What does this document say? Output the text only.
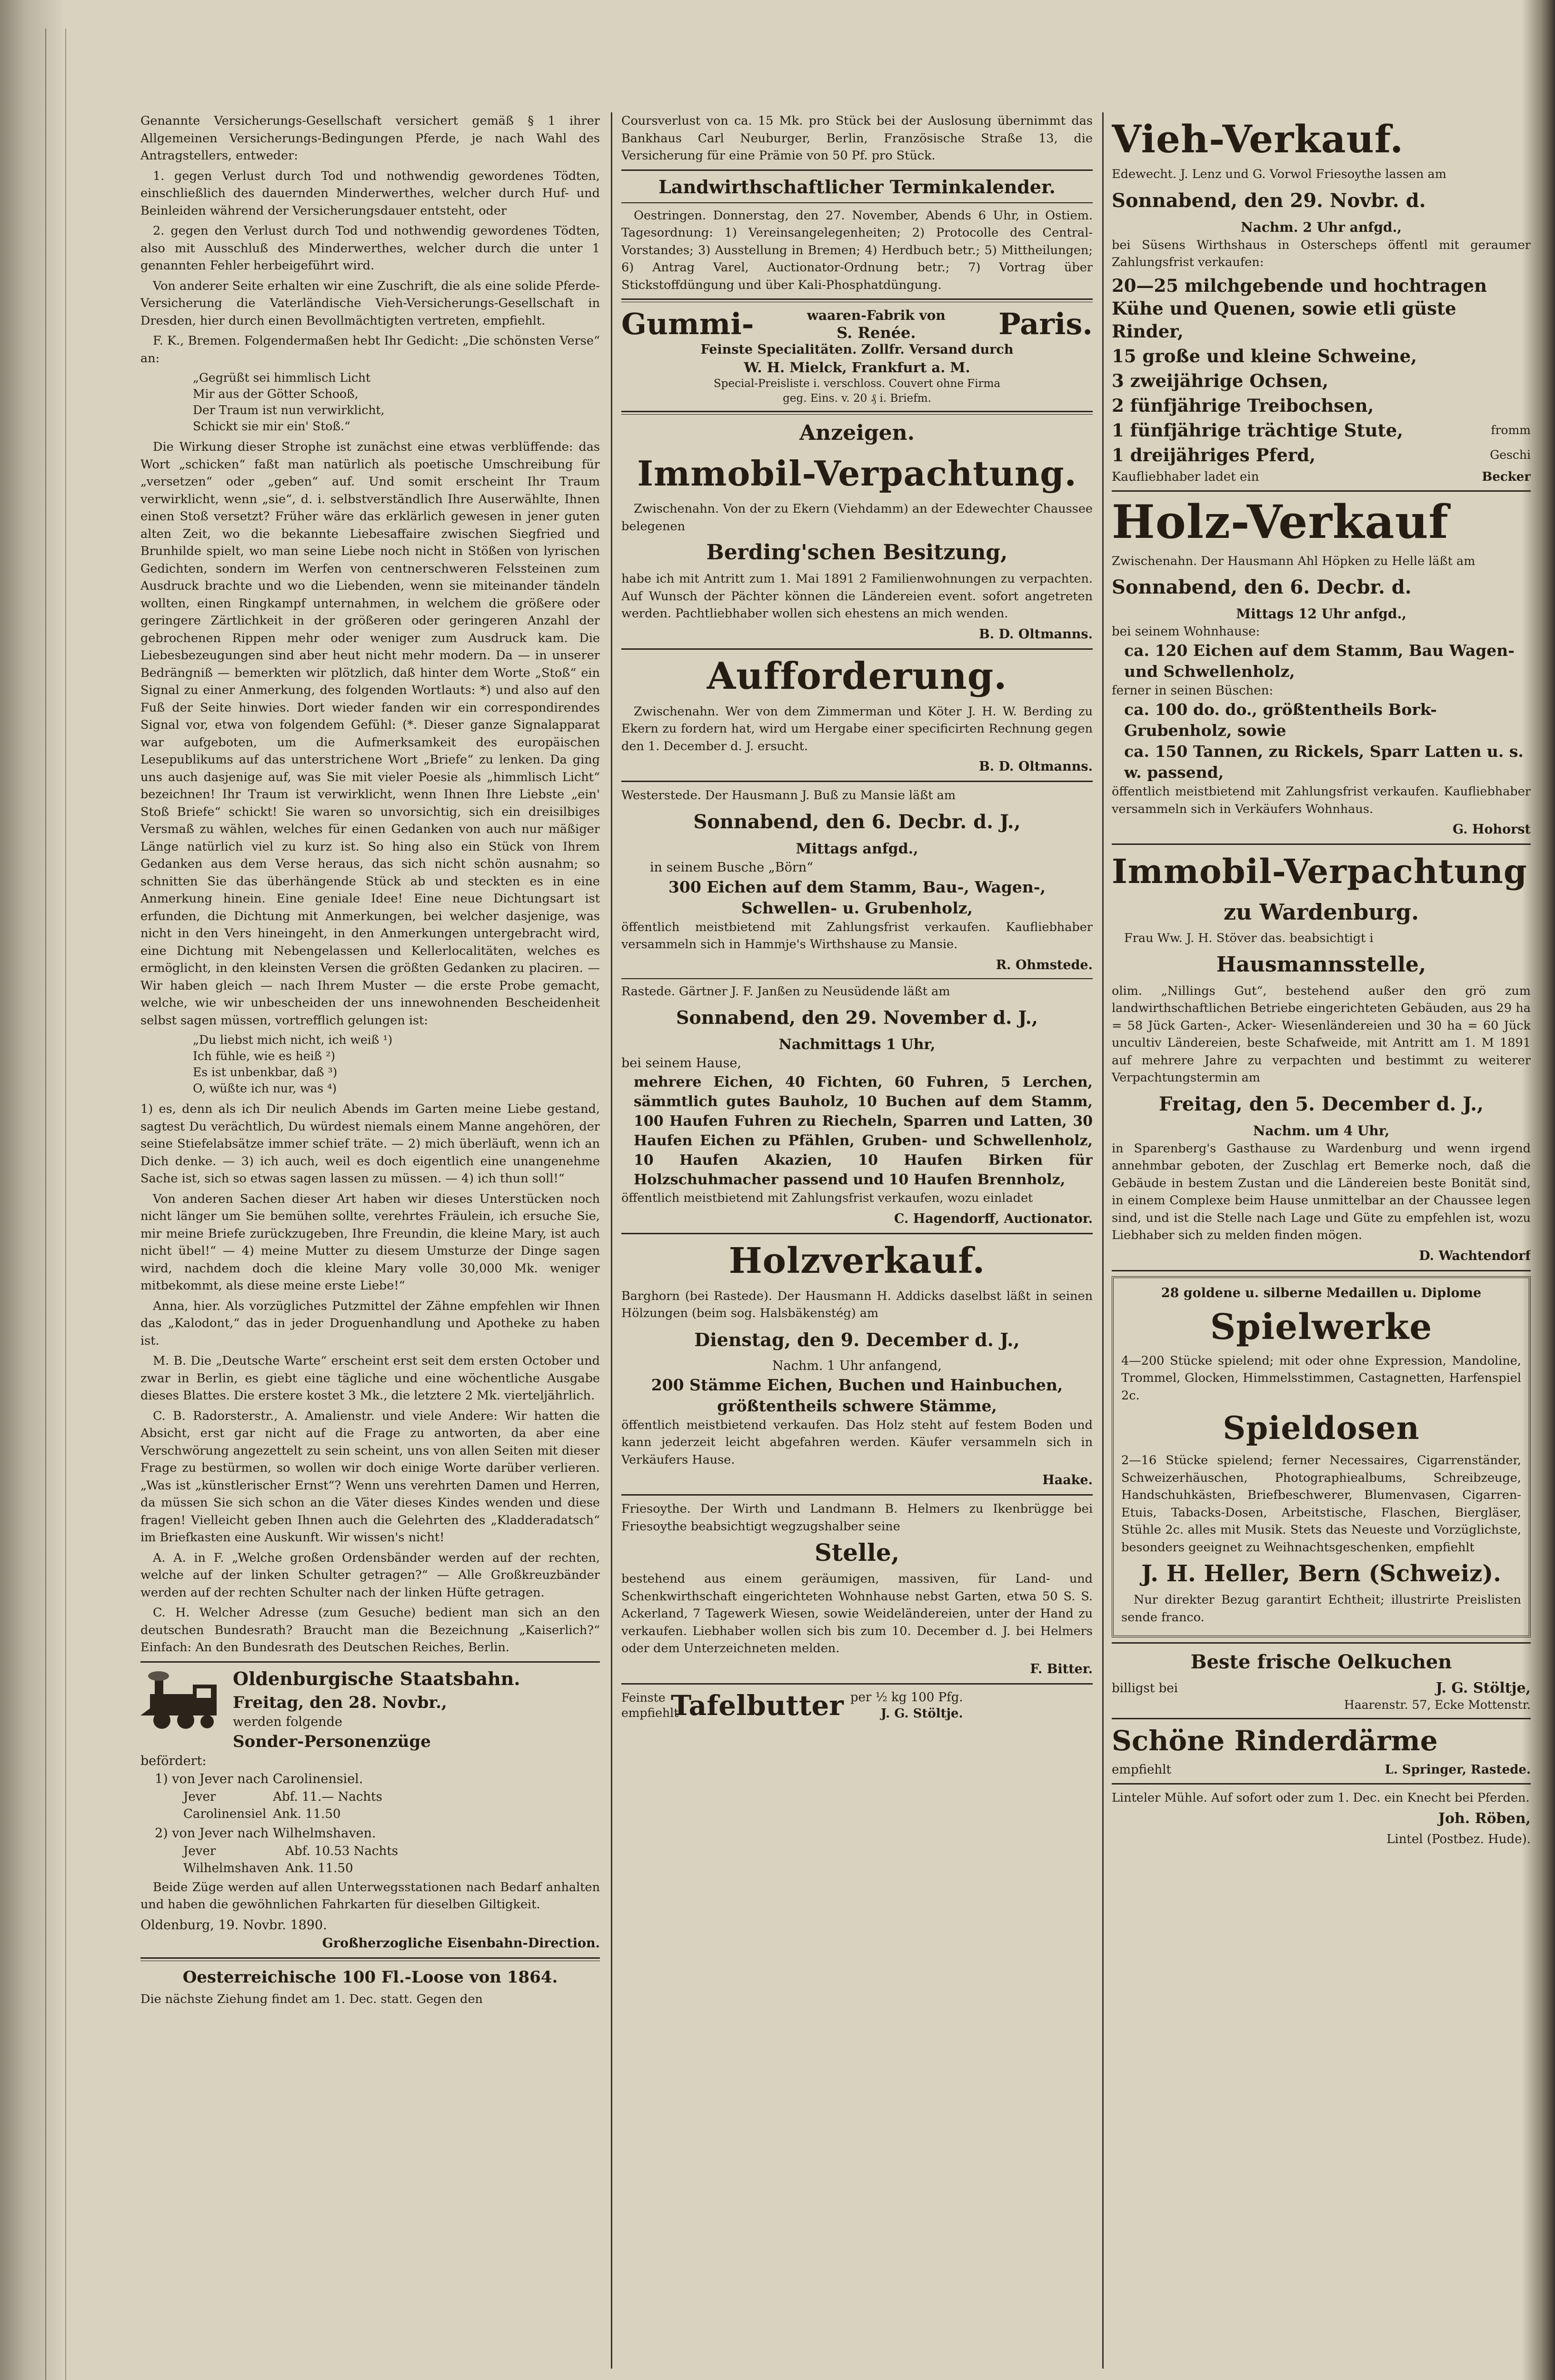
Genannte Versicherungs-Gesellschaft versichert gemäß § 1 ihrer Allgemeinen Versicherungs-Bedingungen Pferde, je nach Wahl des Antragstellers, entweder:

1. gegen Verlust durch Tod und nothwendig gewordenes Tödten, einschließlich des dauernden Minderwerthes, welcher durch Huf- und Beinleiden während der Versicherungsdauer entsteht, oder

2. gegen den Verlust durch Tod und nothwendig gewordenes Tödten, also mit Ausschluß des Minderwerthes, welcher durch die unter 1 genannten Fehler herbeigeführt wird.

Von anderer Seite erhalten wir eine Zuschrift, die als eine solide Pferde-Versicherung die Vaterländische Vieh-Versicherungs-Gesellschaft in Dresden, hier durch einen Bevollmächtigten vertreten, empfiehlt.

F. K., Bremen. Folgendermaßen hebt Ihr Gedicht: „Die schönsten Verse“ an:

„Gegrüßt sei himmlisch Licht
Mir aus der Götter Schooß,
Der Traum ist nun verwirklicht,
Schickt sie mir ein' Stoß.“

Die Wirkung dieser Strophe ist zunächst eine etwas verblüffende: das Wort „schicken“ faßt man natürlich als poetische Umschreibung für „versetzen“ oder „geben“ auf. Und somit erscheint Ihr Traum verwirklicht, wenn „sie“, d. i. selbstverständlich Ihre Auserwählte, Ihnen einen Stoß versetzt? Früher wäre das erklärlich gewesen in jener guten alten Zeit, wo die bekannte Liebesaffaire zwischen Siegfried und Brunhilde spielt, wo man seine Liebe noch nicht in Stößen von lyrischen Gedichten, sondern im Werfen von centnerschweren Felssteinen zum Ausdruck brachte und wo die Liebenden, wenn sie miteinander tändeln wollten, einen Ringkampf unternahmen, in welchem die größere oder geringere Zärtlichkeit in der größeren oder geringeren Anzahl der gebrochenen Rippen mehr oder weniger zum Ausdruck kam. Die Liebesbezeugungen sind aber heut nicht mehr modern. Da — in unserer Bedrängniß — bemerkten wir plötzlich, daß hinter dem Worte „Stoß“ ein Signal zu einer Anmerkung, des folgenden Wortlauts: *) und also auf den Fuß der Seite hinwies. Dort wieder fanden wir ein correspondirendes Signal vor, etwa von folgendem Gefühl: (*. Dieser ganze Signalapparat war aufgeboten, um die Aufmerksamkeit des europäischen Lesepublikums auf das unterstrichene Wort „Briefe“ zu lenken. Da ging uns auch dasjenige auf, was Sie mit vieler Poesie als „himmlisch Licht“ bezeichnen! Ihr Traum ist verwirklicht, wenn Ihnen Ihre Liebste „ein' Stoß Briefe“ schickt! Sie waren so unvorsichtig, sich ein dreisilbiges Versmaß zu wählen, welches für einen Gedanken von auch nur mäßiger Länge natürlich viel zu kurz ist. So hing also ein Stück von Ihrem Gedanken aus dem Verse heraus, das sich nicht schön ausnahm; so schnitten Sie das überhängende Stück ab und steckten es in eine Anmerkung hinein. Eine geniale Idee! Eine neue Dichtungsart ist erfunden, die Dichtung mit Anmerkungen, bei welcher dasjenige, was nicht in den Vers hineingeht, in den Anmerkungen untergebracht wird, eine Dichtung mit Nebengelassen und Kellerlocalitäten, welches es ermöglicht, in den kleinsten Versen die größten Gedanken zu placiren. — Wir haben gleich — nach Ihrem Muster — die erste Probe gemacht, welche, wie wir unbescheiden der uns innewohnenden Bescheidenheit selbst sagen müssen, vortrefflich gelungen ist:

„Du liebst mich nicht, ich weiß ¹)
Ich fühle, wie es heiß ²)
Es ist unbenkbar, daß ³)
O, wüßte ich nur, was ⁴)

1) es, denn als ich Dir neulich Abends im Garten meine Liebe gestand, sagtest Du verächtlich, Du würdest niemals einem Manne angehören, der seine Stiefelabsätze immer schief träte. — 2) mich überläuft, wenn ich an Dich denke. — 3) ich auch, weil es doch eigentlich eine unangenehme Sache ist, sich so etwas sagen lassen zu müssen. — 4) ich thun soll!“

Von anderen Sachen dieser Art haben wir dieses Unterstücken noch nicht länger um Sie bemühen sollte, verehrtes Fräulein, ich ersuche Sie, mir meine Briefe zurückzugeben, Ihre Freundin, die kleine Mary, ist auch nicht übel!“ — 4) meine Mutter zu diesem Umsturze der Dinge sagen wird, nachdem doch die kleine Mary volle 30,000 Mk. weniger mitbekommt, als diese meine erste Liebe!“

Anna, hier. Als vorzügliches Putzmittel der Zähne empfehlen wir Ihnen das „Kalodont,“ das in jeder Droguenhandlung und Apotheke zu haben ist.

M. B. Die „Deutsche Warte“ erscheint erst seit dem ersten October und zwar in Berlin, es giebt eine tägliche und eine wöchentliche Ausgabe dieses Blattes. Die erstere kostet 3 Mk., die letztere 2 Mk. vierteljährlich.

C. B. Radorsterstr., A. Amalienstr. und viele Andere: Wir hatten die Absicht, erst gar nicht auf die Frage zu antworten, da aber eine Verschwörung angezettelt zu sein scheint, uns von allen Seiten mit dieser Frage zu bestürmen, so wollen wir doch einige Worte darüber verlieren. „Was ist „künstlerischer Ernst“? Wenn uns verehrten Damen und Herren, da müssen Sie sich schon an die Väter dieses Kindes wenden und diese fragen! Vielleicht geben Ihnen auch die Gelehrten des „Kladderadatsch“ im Briefkasten eine Auskunft. Wir wissen's nicht!

A. A. in F. „Welche großen Ordensbänder werden auf der rechten, welche auf der linken Schulter getragen?“ — Alle Großkreuzbänder werden auf der rechten Schulter nach der linken Hüfte getragen.

C. H. Welcher Adresse (zum Gesuche) bedient man sich an den deutschen Bundesrath? Braucht man die Bezeichnung „Kaiserlich?“ Einfach: An den Bundesrath des Deutschen Reiches, Berlin.

Oldenburgische Staatsbahn.
Freitag, den 28. Novbr.,
werden folgende
Sonder-Personenzüge
befördert:
1) von Jever nach Carolinensiel.
Jever	Abf. 11.— Nachts
Carolinensiel	Ank. 11.50
2) von Jever nach Wilhelmshaven.
Jever	Abf. 10.53 Nachts
Wilhelmshaven	Ank. 11.50

Beide Züge werden auf allen Unterwegsstationen nach Bedarf anhalten und haben die gewöhnlichen Fahrkarten für dieselben Giltigkeit.

Oldenburg, 19. Novbr. 1890.
Großherzogliche Eisenbahn-Direction.
Oesterreichische 100 Fl.-Loose von 1864.

Die nächste Ziehung findet am 1. Dec. statt. Gegen den

Coursverlust von ca. 15 Mk. pro Stück bei der Auslosung übernimmt das Bankhaus Carl Neuburger, Berlin, Französische Straße 13, die Versicherung für eine Prämie von 50 Pf. pro Stück.

Landwirthschaftlicher Terminkalender.

Oestringen. Donnerstag, den 27. November, Abends 6 Uhr, in Ostiem. Tagesordnung: 1) Vereinsangelegenheiten; 2) Protocolle des Central-Vorstandes; 3) Ausstellung in Bremen; 4) Herdbuch betr.; 5) Mittheilungen; 6) Antrag Varel, Auctionator-Ordnung betr.; 7) Vortrag über Stickstoffdüngung und über Kali-Phosphatdüngung.

Gummi-	waaren-Fabrik von
S. Renée.	Paris.
Feinste Specialitäten. Zollfr. Versand durch
W. H. Mielck, Frankfurt a. M.
Special-Preisliste i. verschloss. Couvert ohne Firma
geg. Eins. v. 20 ₰ i. Briefm.
Anzeigen.
Immobil-Verpachtung.

Zwischenahn. Von der zu Ekern (Viehdamm) an der Edewechter Chaussee belegenen

Berding'schen Besitzung,

habe ich mit Antritt zum 1. Mai 1891 2 Familienwohnungen zu verpachten. Auf Wunsch der Pächter können die Ländereien event. sofort angetreten werden. Pachtliebhaber wollen sich ehestens an mich wenden.

B. D. Oltmanns.
Aufforderung.

Zwischenahn. Wer von dem Zimmerman und Köter J. H. W. Berding zu Ekern zu fordern hat, wird um Hergabe einer specificirten Rechnung gegen den 1. December d. J. ersucht.

B. D. Oltmanns.

Westerstede. Der Hausmann J. Buß zu Mansie läßt am

Sonnabend, den 6. Decbr. d. J.,
Mittags anfgd.,
in seinem Busche „Börn“
300 Eichen auf dem Stamm, Bau-, Wagen-, Schwellen- u. Grubenholz,

öffentlich meistbietend mit Zahlungsfrist verkaufen. Kaufliebhaber versammeln sich in Hammje's Wirthshause zu Mansie.

R. Ohmstede.

Rastede. Gärtner J. F. Janßen zu Neusüdende läßt am

Sonnabend, den 29. November d. J.,
Nachmittags 1 Uhr,
bei seinem Hause,
mehrere Eichen, 40 Fichten, 60 Fuhren, 5 Lerchen, sämmtlich gutes Bauholz, 10 Buchen auf dem Stamm, 100 Haufen Fuhren zu Riecheln, Sparren und Latten, 30 Haufen Eichen zu Pfählen, Gruben- und Schwellenholz, 10 Haufen Akazien, 10 Haufen Birken für Holzschuhmacher passend und 10 Haufen Brennholz,

öffentlich meistbietend mit Zahlungsfrist verkaufen, wozu einladet

C. Hagendorff, Auctionator.
Holzverkauf.

Barghorn (bei Rastede). Der Hausmann H. Addicks daselbst läßt in seinen Hölzungen (beim sog. Halsbäkenstég) am

Dienstag, den 9. December d. J.,
Nachm. 1 Uhr anfangend,
200 Stämme Eichen, Buchen und Hainbuchen, größtentheils schwere Stämme,

öffentlich meistbietend verkaufen. Das Holz steht auf festem Boden und kann jederzeit leicht abgefahren werden. Käufer versammeln sich in Verkäufers Hause.

Haake.

Friesoythe. Der Wirth und Landmann B. Helmers zu Ikenbrügge bei Friesoythe beabsichtigt wegzugshalber seine

Stelle,

bestehend aus einem geräumigen, massiven, für Land- und Schenkwirthschaft eingerichteten Wohnhause nebst Garten, etwa 50 S. S. Ackerland, 7 Tagewerk Wiesen, sowie Weideländereien, unter der Hand zu verkaufen. Liebhaber wollen sich bis zum 10. December d. J. bei Helmers oder dem Unterzeichneten melden.

F. Bitter.
Feinste
empfiehlt
Tafelbutter per ½ kg 100 Pfg.
J. G. Stöltje.
Vieh-Verkauf.

Edewecht. J. Lenz und G. Vorwol Friesoythe lassen am

Sonnabend, den 29. Novbr. d.
Nachm. 2 Uhr anfgd.,

bei Süsens Wirthshaus in Osterscheps öffentl mit geraumer Zahlungsfrist verkaufen:

20—25 milchgebende und hochtragen Kühe und Quenen, sowie etli güste Rinder,
15 große und kleine Schweine,
3 zweijährige Ochsen,
2 fünfjährige Treibochsen,
1 fünfjährige trächtige Stute,	fromm
1 dreijähriges Pferd,	Geschi
Kaufliebhaber ladet ein	Becker
Holz-Verkauf

Zwischenahn. Der Hausmann Ahl Höpken zu Helle läßt am

Sonnabend, den 6. Decbr. d.
Mittags 12 Uhr anfgd.,
bei seinem Wohnhause:
ca. 120 Eichen auf dem Stamm, Bau Wagen- und Schwellenholz,
ferner in seinen Büschen:
ca. 100 do. do., größtentheils Bork- Grubenholz, sowie
ca. 150 Tannen, zu Rickels, Sparr Latten u. s. w. passend,

öffentlich meistbietend mit Zahlungsfrist verkaufen. Kaufliebhaber versammeln sich in Verkäufers Wohnhaus.

G. Hohorst
Immobil-Verpachtung
zu Wardenburg.

Frau Ww. J. H. Stöver das. beabsichtigt i

Hausmannsstelle,

olim. „Nillings Gut“, bestehend außer den grö zum landwirthschaftlichen Betriebe eingerichteten Gebäuden, aus 29 ha = 58 Jück Garten-, Acker- Wiesenländereien und 30 ha = 60 Jück uncultiv Ländereien, beste Schafweide, mit Antritt am 1. M 1891 auf mehrere Jahre zu verpachten und bestimmt zu weiterer Verpachtungstermin am

Freitag, den 5. December d. J.,
Nachm. um 4 Uhr,

in Sparenberg's Gasthause zu Wardenburg und wenn irgend annehmbar geboten, der Zuschlag ert Bemerke noch, daß die Gebäude in bestem Zustan und die Ländereien beste Bonität sind, in einem Complexe beim Hause unmittelbar an der Chaussee legen sind, und ist die Stelle nach Lage und Güte zu empfehlen ist, wozu Liebhaber sich zu melden finden mögen.

D. Wachtendorf
28 goldene u. silberne Medaillen u. Diplome
Spielwerke

4—200 Stücke spielend; mit oder ohne Expression, Mandoline, Trommel, Glocken, Himmelsstimmen, Castagnetten, Harfenspiel 2c.

Spieldosen

2—16 Stücke spielend; ferner Necessaires, Cigarrenständer, Schweizerhäuschen, Photographiealbums, Schreibzeuge, Handschuhkästen, Briefbeschwerer, Blumenvasen, Cigarren-Etuis, Tabacks-Dosen, Arbeitstische, Flaschen, Biergläser, Stühle 2c. alles mit Musik. Stets das Neueste und Vorzüglichste, besonders geeignet zu Weihnachtsgeschenken, empfiehlt

J. H. Heller, Bern (Schweiz).

Nur direkter Bezug garantirt Echtheit; illustrirte Preislisten sende franco.

Beste frische Oelkuchen
billigst bei	J. G. Stöltje,
Haarenstr. 57, Ecke Mottenstr.
Schöne Rinderdärme
empfiehlt	L. Springer, Rastede.

Linteler Mühle. Auf sofort oder zum 1. Dec. ein Knecht bei Pferden.

Joh. Röben,
Lintel (Postbez. Hude).
